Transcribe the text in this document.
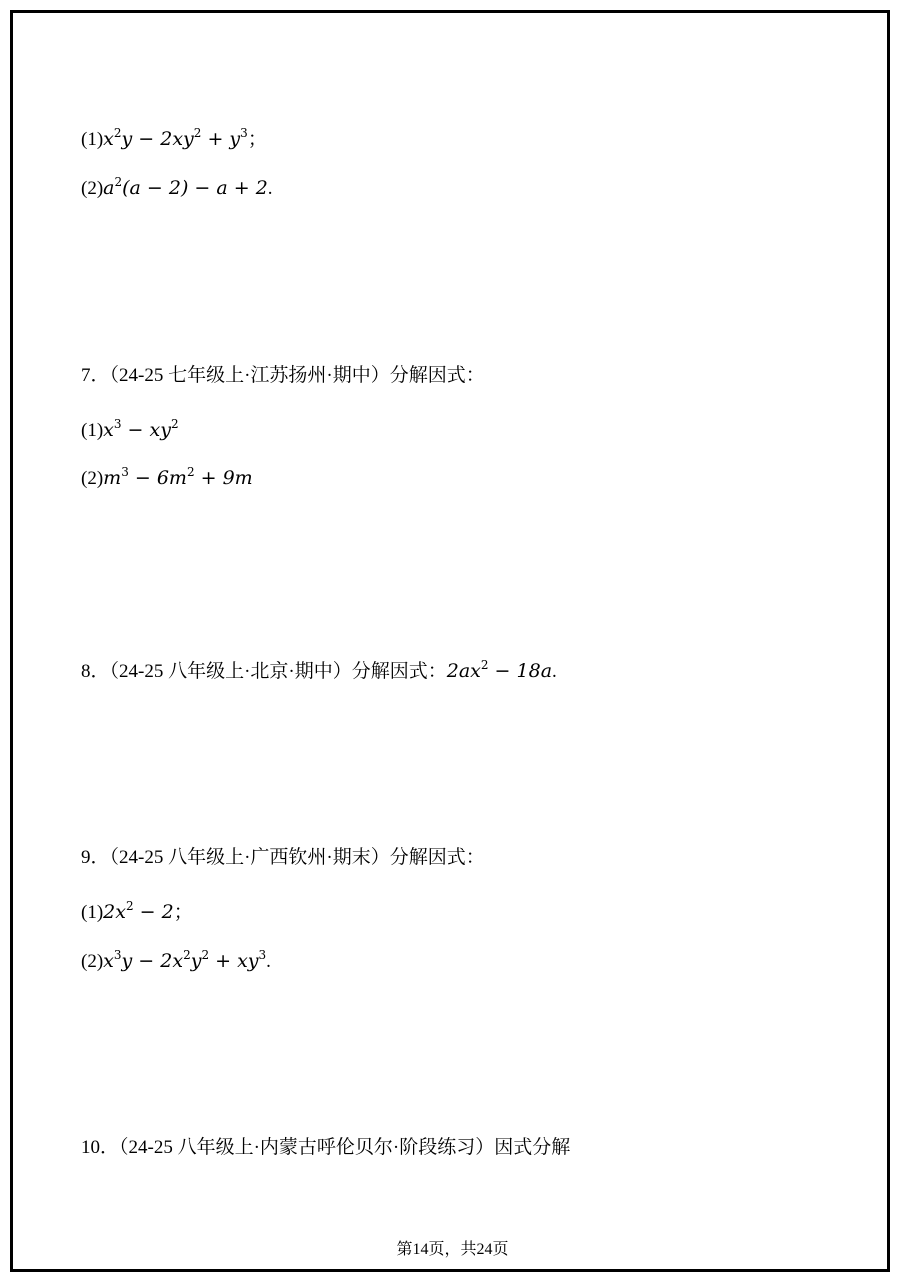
$(1)x^2y - 2xy^2 + y^3$；
$(2)a^2(a - 2) - a + 2$.
7．（24-25 七年级上·江苏扬州·期中）分解因式：
$(1)x^3 - xy^2$
$(2)m^3 - 6m^2 + 9m$
8．（24-25 八年级上·北京·期中）分解因式：$2ax^2 - 18a$.
9．（24-25 八年级上·广西钦州·期末）分解因式：
$(1)2x^2 - 2$；
$(2)x^3y - 2x^2y^2 + xy^3$.
10．（24-25 八年级上·内蒙古呼伦贝尔·阶段练习）因式分解
第14页，共24页
